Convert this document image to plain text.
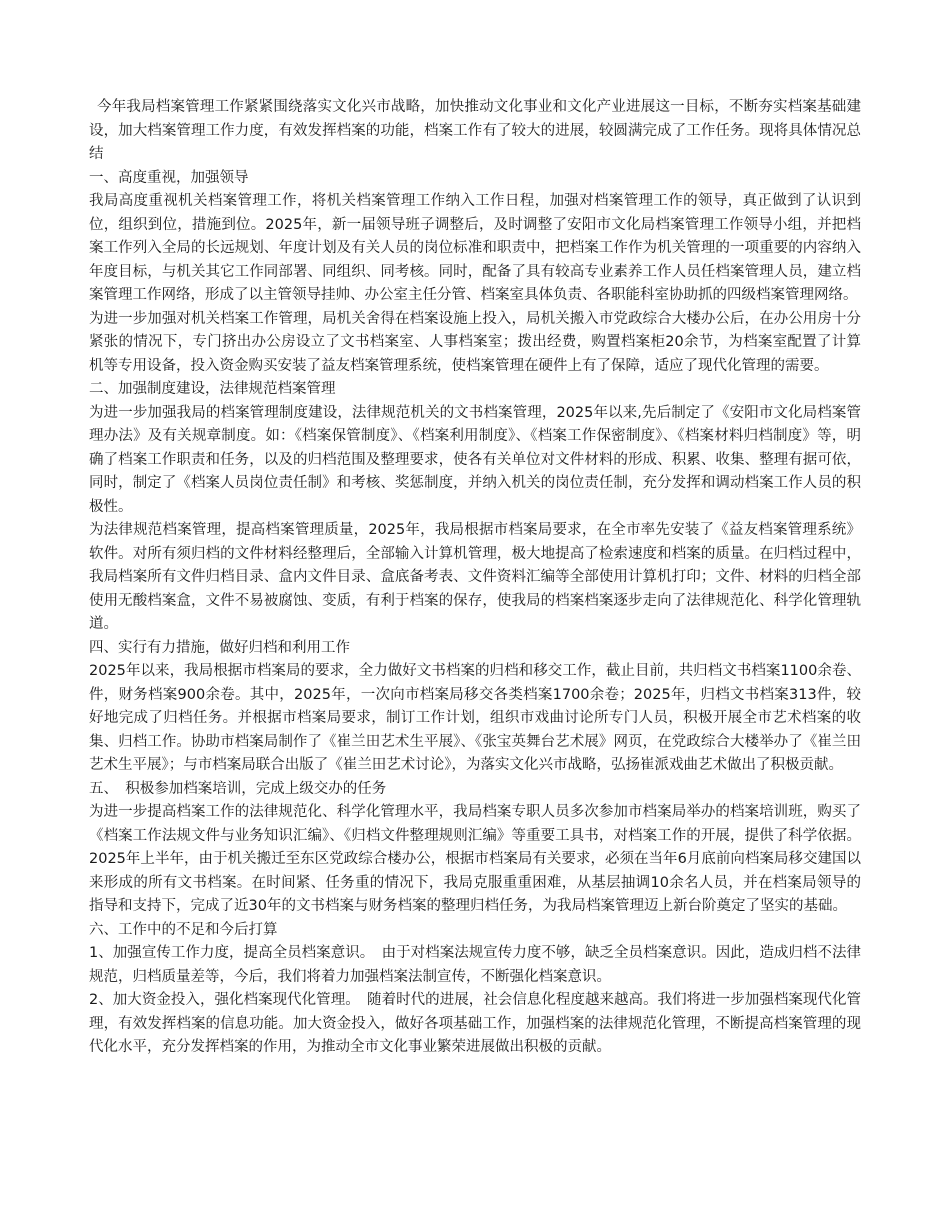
今年我局档案管理工作紧紧围绕落实文化兴市战略，加快推动文化事业和文化产业进展这一目标，不断夯实档案基础建设，加大档案管理工作力度，有效发挥档案的功能，档案工作有了较大的进展，较圆满完成了工作任务。现将具体情况总结

一、高度重视，加强领导

我局高度重视机关档案管理工作，将机关档案管理工作纳入工作日程，加强对档案管理工作的领导，真正做到了认识到位，组织到位，措施到位。2025年，新一届领导班子调整后，及时调整了安阳市文化局档案管理工作领导小组，并把档案工作列入全局的长远规划、年度计划及有关人员的岗位标准和职责中，把档案工作作为机关管理的一项重要的内容纳入年度目标，与机关其它工作同部署、同组织、同考核。同时，配备了具有较高专业素养工作人员任档案管理人员，建立档案管理工作网络，形成了以主管领导挂帅、办公室主任分管、档案室具体负责、各职能科室协助抓的四级档案管理网络。

为进一步加强对机关档案工作管理，局机关舍得在档案设施上投入，局机关搬入市党政综合大楼办公后，在办公用房十分紧张的情况下，专门挤出办公房设立了文书档案室、人事档案室；拨出经费，购置档案柜20余节，为档案室配置了计算机等专用设备，投入资金购买安装了益友档案管理系统，使档案管理在硬件上有了保障，适应了现代化管理的需要。

二、加强制度建设，法律规范档案管理

为进一步加强我局的档案管理制度建设，法律规范机关的文书档案管理，2025年以来,先后制定了《安阳市文化局档案管理办法》及有关规章制度。如：《档案保管制度》、《档案利用制度》、《档案工作保密制度》、《档案材料归档制度》等，明确了档案工作职责和任务，以及的归档范围及整理要求，使各有关单位对文件材料的形成、积累、收集、整理有据可依，同时，制定了《档案人员岗位责任制》和考核、奖惩制度，并纳入机关的岗位责任制，充分发挥和调动档案工作人员的积极性。

为法律规范档案管理，提高档案管理质量，2025年，我局根据市档案局要求，在全市率先安装了《益友档案管理系统》软件。对所有须归档的文件材料经整理后，全部输入计算机管理，极大地提高了检索速度和档案的质量。在归档过程中，我局档案所有文件归档目录、盒内文件目录、盒底备考表、文件资料汇编等全部使用计算机打印；文件、材料的归档全部使用无酸档案盒，文件不易被腐蚀、变质，有利于档案的保存，使我局的档案档案逐步走向了法律规范化、科学化管理轨道。

四、实行有力措施，做好归档和利用工作

2025年以来，我局根据市档案局的要求，全力做好文书档案的归档和移交工作，截止目前，共归档文书档案1100余卷、件，财务档案900余卷。其中，2025年，一次向市档案局移交各类档案1700余卷；2025年，归档文书档案313件，较好地完成了归档任务。并根据市档案局要求，制订工作计划，组织市戏曲讨论所专门人员，积极开展全市艺术档案的收集、归档工作。协助市档案局制作了《崔兰田艺术生平展》、《张宝英舞台艺术展》网页，在党政综合大楼举办了《崔兰田艺术生平展》；与市档案局联合出版了《崔兰田艺术讨论》，为落实文化兴市战略，弘扬崔派戏曲艺术做出了积极贡献。

五、　积极参加档案培训，完成上级交办的任务

为进一步提高档案工作的法律规范化、科学化管理水平，我局档案专职人员多次参加市档案局举办的档案培训班，购买了《档案工作法规文件与业务知识汇编》、《归档文件整理规则汇编》等重要工具书，对档案工作的开展，提供了科学依据。2025年上半年，由于机关搬迁至东区党政综合楼办公，根据市档案局有关要求，必须在当年6月底前向档案局移交建国以来形成的所有文书档案。在时间紧、任务重的情况下，我局克服重重困难，从基层抽调10余名人员，并在档案局领导的指导和支持下，完成了近30年的文书档案与财务档案的整理归档任务，为我局档案管理迈上新台阶奠定了坚实的基础。

六、工作中的不足和今后打算

1、加强宣传工作力度，提高全员档案意识。　由于对档案法规宣传力度不够，缺乏全员档案意识。因此，造成归档不法律规范，归档质量差等，今后，我们将着力加强档案法制宣传，不断强化档案意识。

2、加大资金投入，强化档案现代化管理。　随着时代的进展，社会信息化程度越来越高。我们将进一步加强档案现代化管理，有效发挥档案的信息功能。加大资金投入，做好各项基础工作，加强档案的法律规范化管理，不断提高档案管理的现代化水平，充分发挥档案的作用，为推动全市文化事业繁荣进展做出积极的贡献。
